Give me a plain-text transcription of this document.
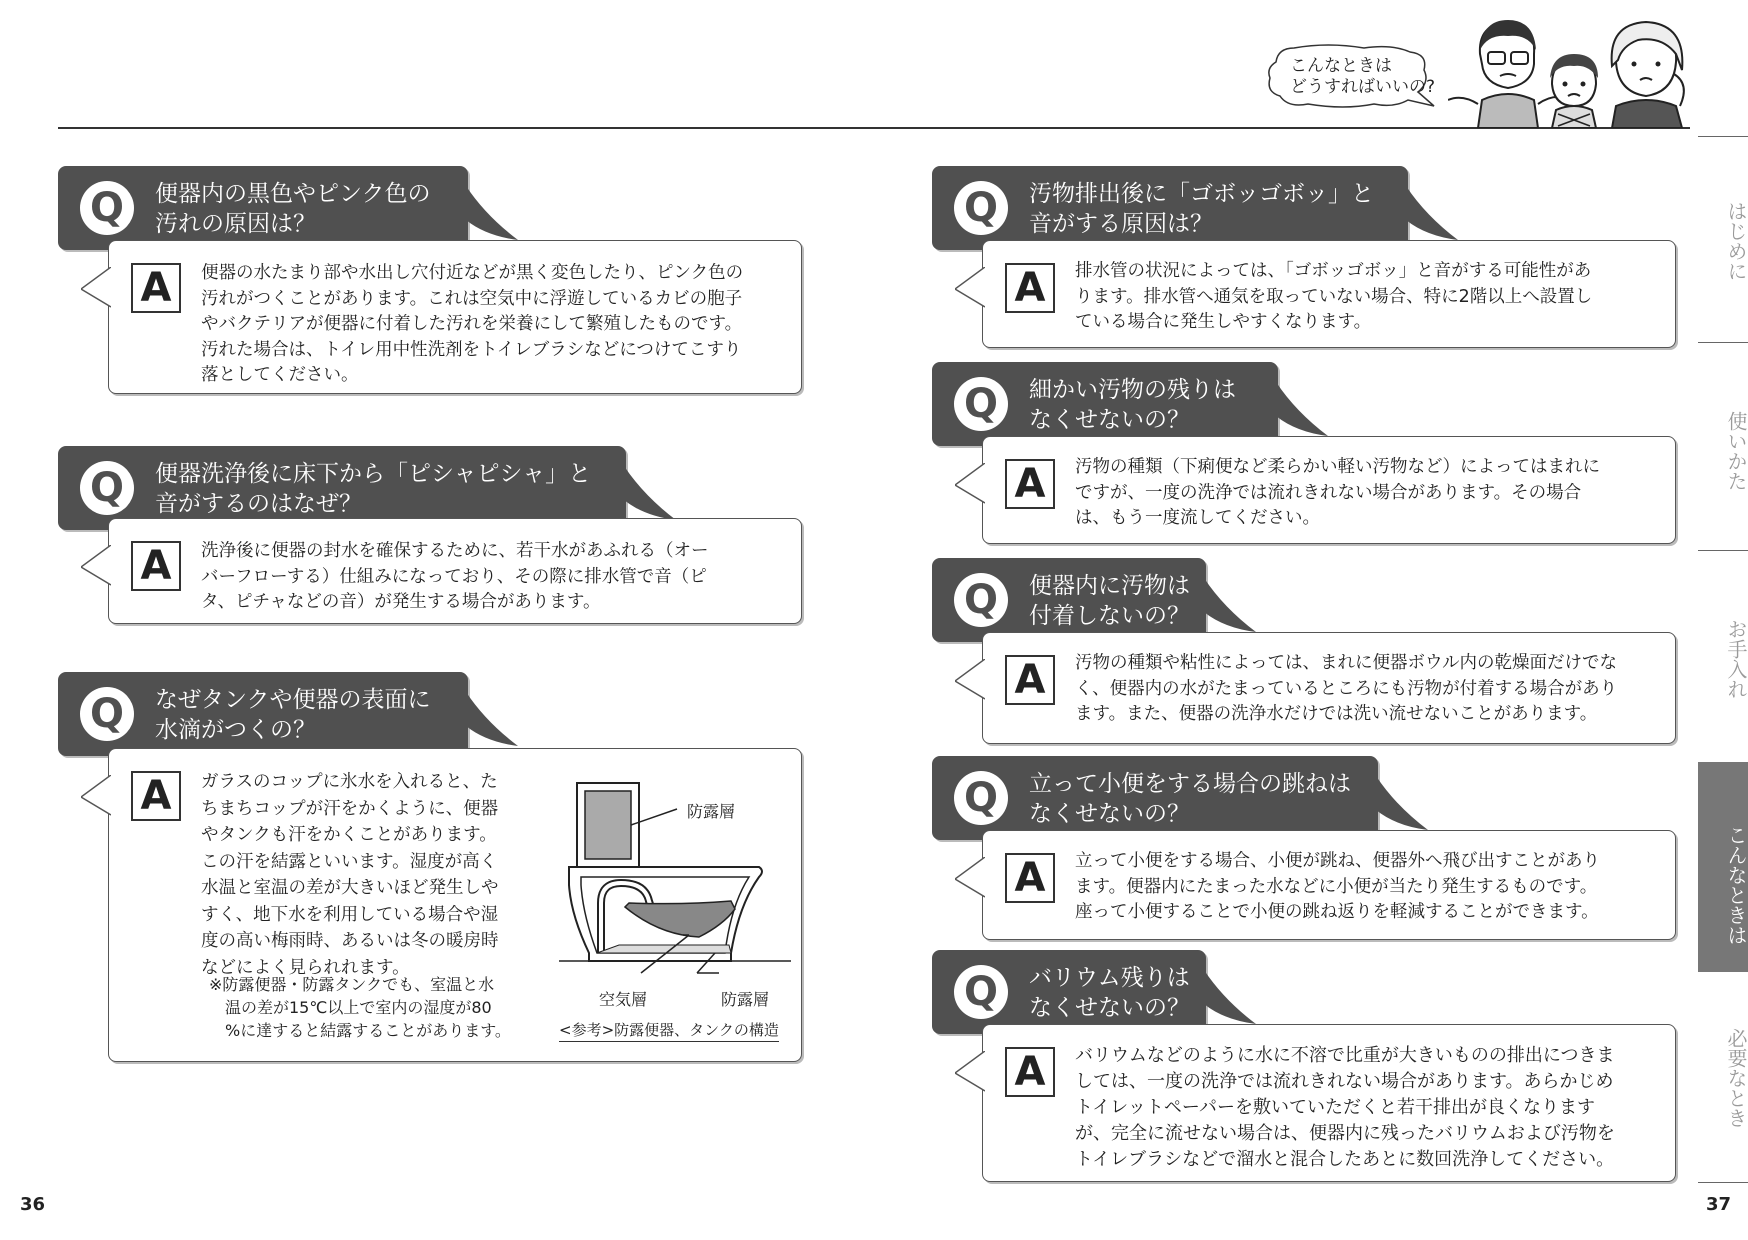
こんなときは
どうすればいいの?
Q	便器内の黒色やピンク色の
汚れの原因は？
A	便器の水たまり部や水出し穴付近などが黒く変色したり、ピンク色の
汚れがつくことがあります。これは空気中に浮遊しているカビの胞子
やバクテリアが便器に付着した汚れを栄養にして繁殖したものです。
汚れた場合は、トイレ用中性洗剤をトイレブラシなどにつけてこすり
落としてください。
Q	便器洗浄後に床下から「ピシャピシャ」と
音がするのはなぜ？
A	洗浄後に便器の封水を確保するために、若干水があふれる（オー
バーフローする）仕組みになっており、その際に排水管で音（ピ
タ、ピチャなどの音）が発生する場合があります。
Q	なぜタンクや便器の表面に
水滴がつくの？
A	ガラスのコップに氷水を入れると、た
ちまちコップが汗をかくように、便器
やタンクも汗をかくことがあります。
この汗を結露といいます。湿度が高く
水温と室温の差が大きいほど発生しや
すく、地下水を利用している場合や湿
度の高い梅雨時、あるいは冬の暖房時
などによく見られれます。
※防露便器・防露タンクでも、室温と水
　温の差が15℃以上で室内の湿度が80
　%に達すると結露することがあります。
防露層
空気層	防露層
<参考>防露便器、タンクの構造
Q	汚物排出後に「ゴボッゴボッ」と
音がする原因は？
A	排水管の状況によっては、「ゴボッゴボッ」と音がする可能性があ
ります。排水管へ通気を取っていない場合、特に2階以上へ設置し
ている場合に発生しやすくなります。
Q	細かい汚物の残りは
なくせないの？
A	汚物の種類（下痢便など柔らかい軽い汚物など）によってはまれに
ですが、一度の洗浄では流れきれない場合があります。その場合
は、もう一度流してください。
Q	便器内に汚物は
付着しないの？
A	汚物の種類や粘性によっては、まれに便器ボウル内の乾燥面だけでな
く、便器内の水がたまっているところにも汚物が付着する場合があり
ます。また、便器の洗浄水だけでは洗い流せないことがあります。
Q	立って小便をする場合の跳ねは
なくせないの？
A	立って小便をする場合、小便が跳ね、便器外へ飛び出すことがあり
ます。便器内にたまった水などに小便が当たり発生するものです。
座って小便することで小便の跳ね返りを軽減することができます。
Q	バリウム残りは
なくせないの？
A	バリウムなどのように水に不溶で比重が大きいものの排出につきま
しては、一度の洗浄では流れきれない場合があります。あらかじめ
トイレットペーパーを敷いていただくと若干排出が良くなります
が、完全に流せない場合は、便器内に残ったバリウムおよび汚物を
トイレブラシなどで溜水と混合したあとに数回洗浄してください。
はじめに
使いかた
お手入れ
こんなときは
必要なとき
36	37
